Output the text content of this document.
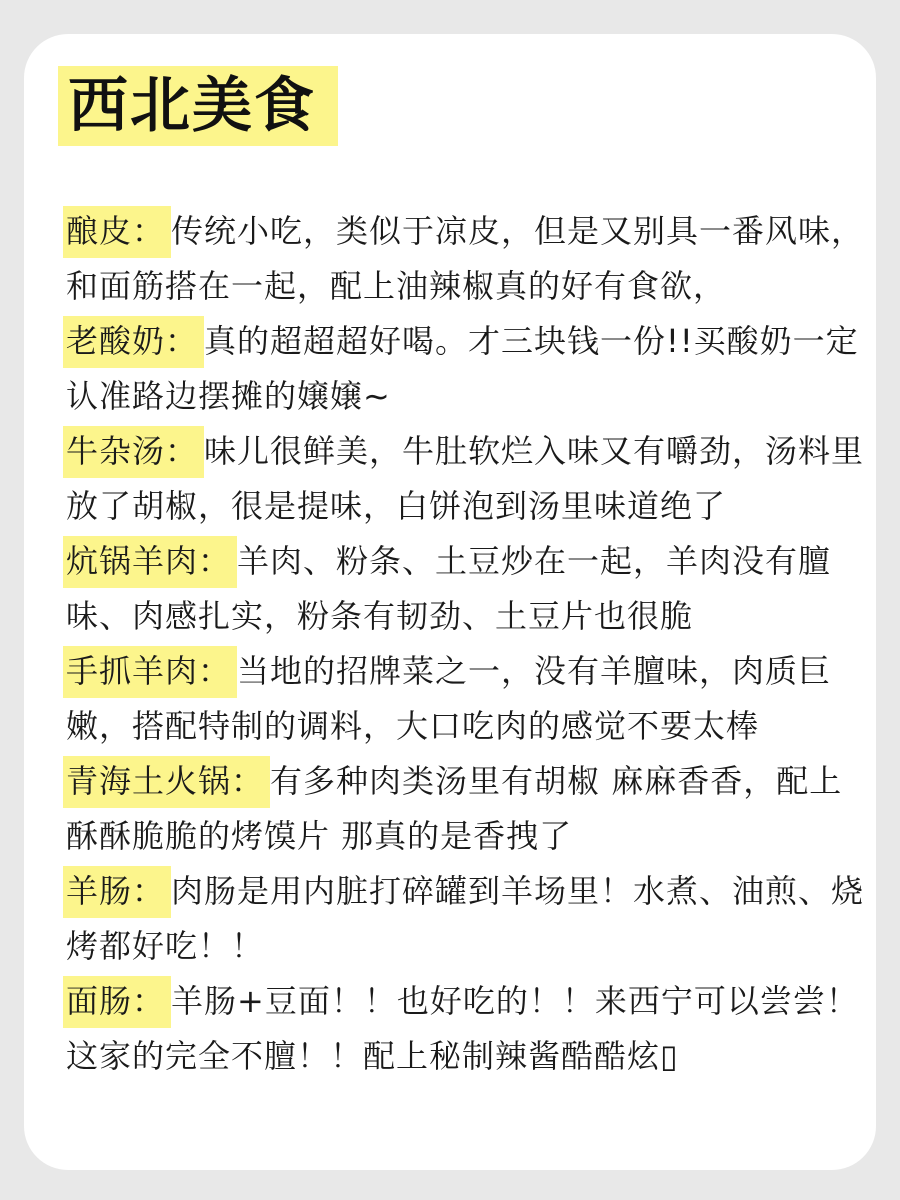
西北美食
酿皮： 传统小吃，类似于凉皮，但是又别具一番风味，和面筋搭在一起，配上油辣椒真的好有食欲，
老酸奶： 真的超超超好喝。才三块钱一份!!买酸奶一定认准路边摆摊的嬢嬢~
牛杂汤： 味儿很鲜美，牛肚软烂入味又有嚼劲，汤料里放了胡椒，很是提味，白饼泡到汤里味道绝了
炕锅羊肉： 羊肉、粉条、土豆炒在一起，羊肉没有膻味、肉感扎实，粉条有韧劲、土豆片也很脆
手抓羊肉： 当地的招牌菜之一，没有羊膻味，肉质巨嫩，搭配特制的调料，大口吃肉的感觉不要太棒
青海土火锅： 有多种肉类汤里有胡椒 麻麻香香，配上酥酥脆脆的烤馍片 那真的是香拽了
羊肠： 肉肠是用内脏打碎罐到羊场里！水煮、油煎、烧烤都好吃！！
面肠： 羊肠+豆面！！也好吃的！！来西宁可以尝尝！这家的完全不膻！！配上秘制辣酱酷酷炫▯
